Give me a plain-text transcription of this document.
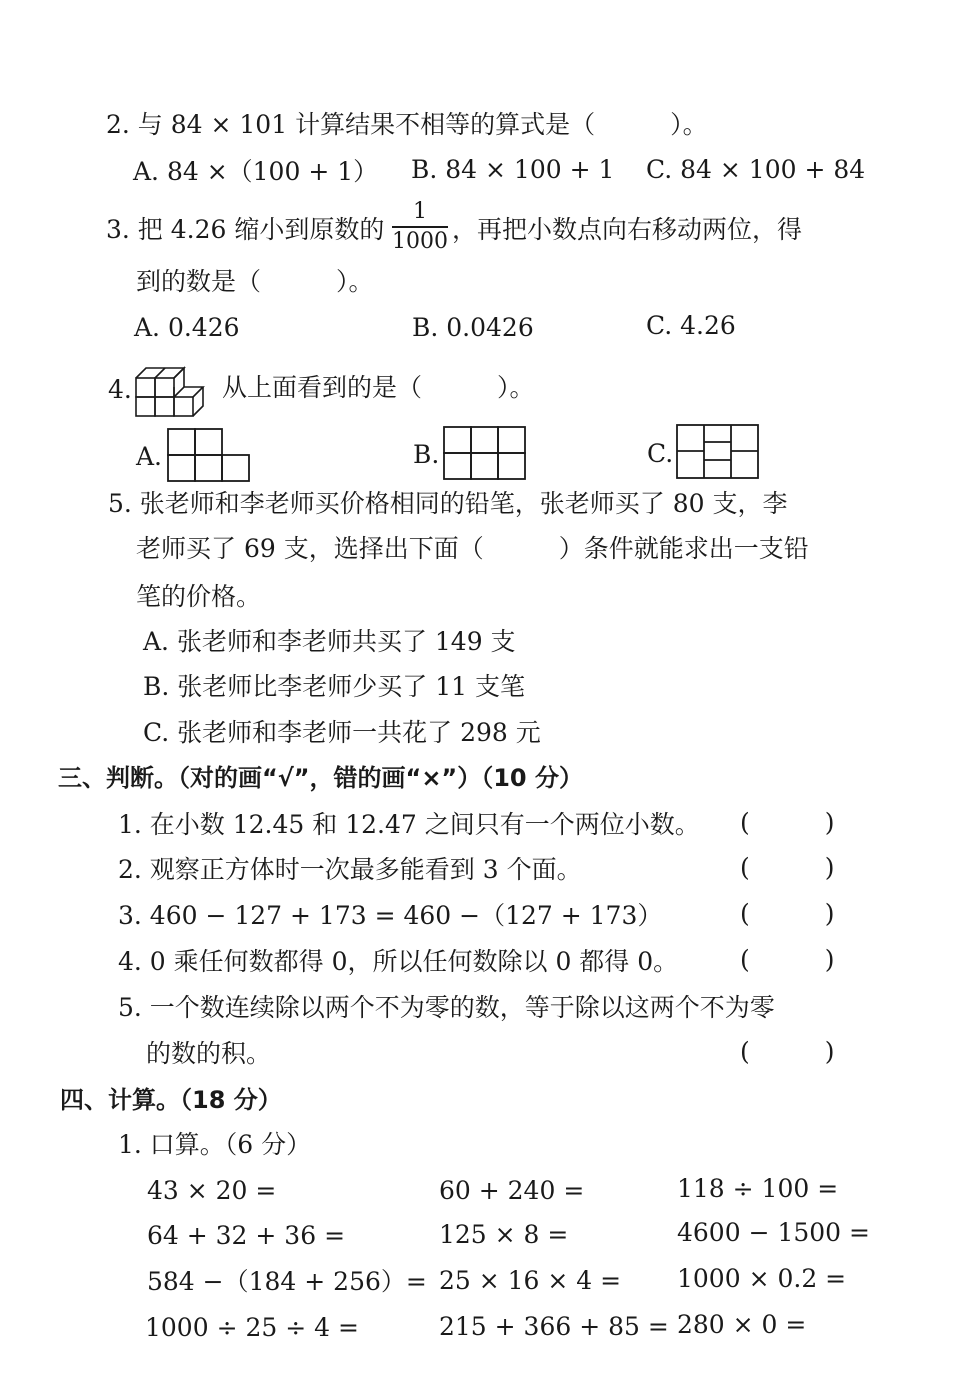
2. 与 84 × 101 计算结果不相等的算式是（　　　）。
A. 84 ×（100 + 1） B. 84 × 100 + 1 C. 84 × 100 + 84
3. 把 4.26 缩小到原数的 $\frac{1}{1000}$ ，再把小数点向右移动两位，得
到的数是（　　　）。
A. 0.426	B. 0.0426	C. 4.26
4.	从上面看到的是（　　　）。
A.	B.	C.
5. 张老师和李老师买价格相同的铅笔，张老师买了 80 支，李
老师买了 69 支，选择出下面（　　　）条件就能求出一支铅
笔的价格。
A. 张老师和李老师共买了 149 支
B. 张老师比李老师少买了 11 支笔
C. 张老师和李老师一共花了 298 元
三、判断。（对的画“√”，错的画“×”）（10 分）
1. 在小数 12.45 和 12.47 之间只有一个两位小数。 (　　　)
2. 观察正方体时一次最多能看到 3 个面。	(　　　)
3. 460 − 127 + 173 = 460 −（127 + 173）	(　　　)
4. 0 乘任何数都得 0，所以任何数除以 0 都得 0。 (　　　)
5. 一个数连续除以两个不为零的数，等于除以这两个不为零
的数的积。	(　　　)
四、计算。（18 分）
1. 口算。（6 分）
43 × 20 =	60 + 240 =	118 ÷ 100 =
64 + 32 + 36 =	125 × 8 =	4600 − 1500 =
584 −（184 + 256）= 25 × 16 × 4 = 1000 × 0.2 =
1000 ÷ 25 ÷ 4 =	215 + 366 + 85 = 280 × 0 =
